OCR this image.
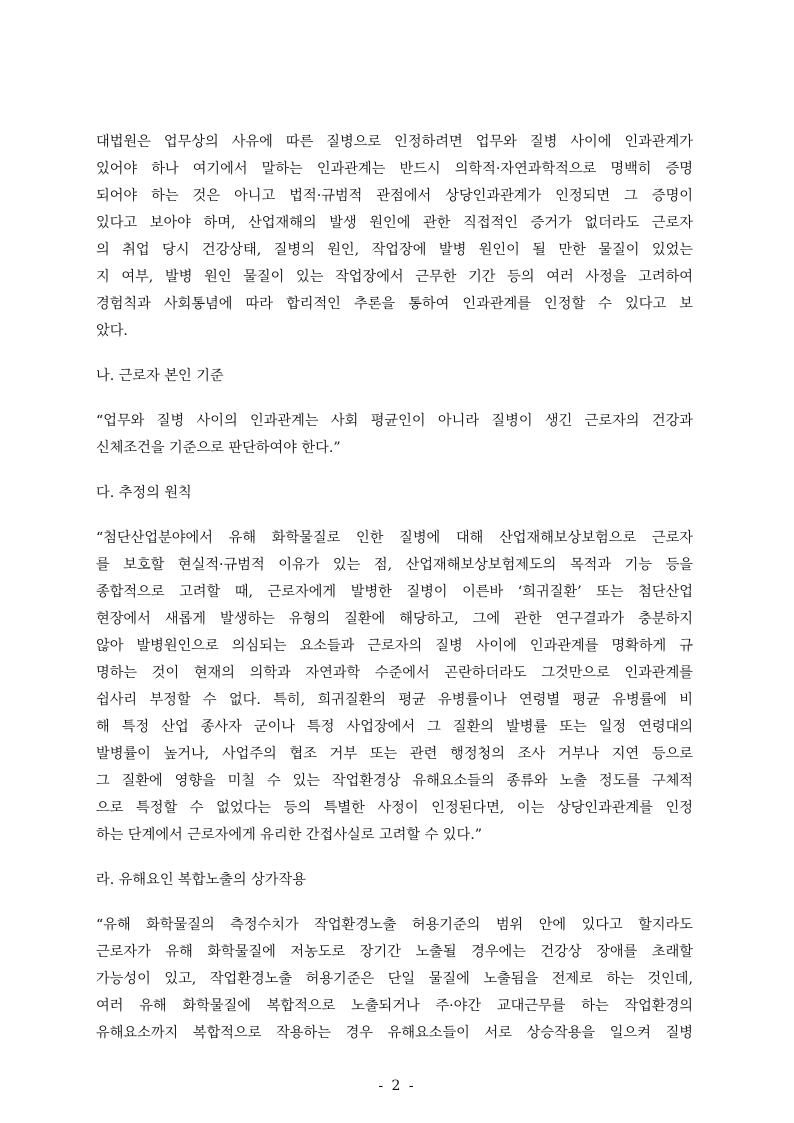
대법원은 업무상의 사유에 따른 질병으로 인정하려면 업무와 질병 사이에 인과관계가
있어야 하나 여기에서 말하는 인과관계는 반드시 의학적·자연과학적으로 명백히 증명
되어야 하는 것은 아니고 법적·규범적 관점에서 상당인과관계가 인정되면 그 증명이
있다고 보아야 하며, 산업재해의 발생 원인에 관한 직접적인 증거가 없더라도 근로자
의 취업 당시 건강상태, 질병의 원인, 작업장에 발병 원인이 될 만한 물질이 있었는
지 여부, 발병 원인 물질이 있는 작업장에서 근무한 기간 등의 여러 사정을 고려하여
경험칙과 사회통념에 따라 합리적인 추론을 통하여 인과관계를 인정할 수 있다고 보
았다.
나. 근로자 본인 기준
“업무와 질병 사이의 인과관계는 사회 평균인이 아니라 질병이 생긴 근로자의 건강과
신체조건을 기준으로 판단하여야 한다.”
다. 추정의 원칙
“첨단산업분야에서 유해 화학물질로 인한 질병에 대해 산업재해보상보험으로 근로자
를 보호할 현실적·규범적 이유가 있는 점, 산업재해보상보험제도의 목적과 기능 등을
종합적으로 고려할 때, 근로자에게 발병한 질병이 이른바 ‘희귀질환’ 또는 첨단산업
현장에서 새롭게 발생하는 유형의 질환에 해당하고, 그에 관한 연구결과가 충분하지
않아 발병원인으로 의심되는 요소들과 근로자의 질병 사이에 인과관계를 명확하게 규
명하는 것이 현재의 의학과 자연과학 수준에서 곤란하더라도 그것만으로 인과관계를
쉽사리 부정할 수 없다. 특히, 희귀질환의 평균 유병률이나 연령별 평균 유병률에 비
해 특정 산업 종사자 군이나 특정 사업장에서 그 질환의 발병률 또는 일정 연령대의
발병률이 높거나, 사업주의 협조 거부 또는 관련 행정청의 조사 거부나 지연 등으로
그 질환에 영향을 미칠 수 있는 작업환경상 유해요소들의 종류와 노출 정도를 구체적
으로 특정할 수 없었다는 등의 특별한 사정이 인정된다면, 이는 상당인과관계를 인정
하는 단계에서 근로자에게 유리한 간접사실로 고려할 수 있다.”
라. 유해요인 복합노출의 상가작용
“유해 화학물질의 측정수치가 작업환경노출 허용기준의 범위 안에 있다고 할지라도
근로자가 유해 화학물질에 저농도로 장기간 노출될 경우에는 건강상 장애를 초래할
가능성이 있고, 작업환경노출 허용기준은 단일 물질에 노출됨을 전제로 하는 것인데,
여러 유해 화학물질에 복합적으로 노출되거나 주·야간 교대근무를 하는 작업환경의
유해요소까지 복합적으로 작용하는 경우 유해요소들이 서로 상승작용을 일으켜 질병
- 2 -
